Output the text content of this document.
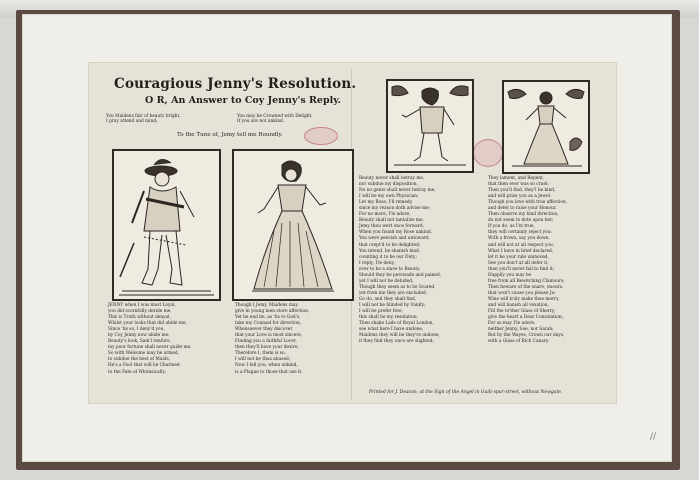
Couragious Jenny's Resolution.
O R, An Answer to Coy Jenny's Reply.
You Maidens fair of beauty bright,
I pray attend and mind;
You may be Crowned with Delight,
If you are not unkind.
To the Tune of, Jemy tell me Roundly.
JENNY when I was most Loyal,
you did scornfully deride me,
This is Truth without denyal,
Whilst your looks that did abide me,
Since 'tis so, I deny'd you,
by Coy Jenny now abide me:
Beauty's look, Sam'l renfure,
my poor fortune shall never guide me.
So with Welsome may be armed,
to subdue the best of Maids,
He's a Fool that will be Charmed
to the Fate of Whimsically;
Though I Jemy, Maidens may
give in young men store affection,
Yet he end be, as 'tis to God's,
take my Counsel for direction,
Whensoever they discover
that your Love is most sincere,
Finding you a faithful Lover,
then they'll have your desire;
Therefore I, them is so,
I will not be thus abused;
Now I tell you, when unkind,
is a Plague to those that use it.
Beauty never shall betray me,
nor subdue my disposition,
No no gents shall never betray me,
I will be my own Physician;
Let my Rose, I'll remedy,
since my reason doth advise me:
For no more, I'le adore,
Beauty shall not tantalize me.
Jemy thou wert once forward,
When you found my Rose unkind,
You were peevish and untoward,
that crept'd to be delighted;
You intend, be shanish lead,
counting it to be our Duty;
I reply, I'le deny,
ever to be a slave to Beauty.
Should they be perswade and pained,
yet I will not be deluded,
Though they seem as to be Scared,
yet from me they are excluded;
Go do, and they shall find,
I will not be blinded by Vanity;
I will be prefer free,
this shall be my resolution.
Then shake Lads of Royal London,
see what here I have undone,
Maidens they will be they're undone,
if they find they once are slighted;
They lament, and Repent,
that then ever was so cruel:
Then you'll find, they'l be kind,
and will prize you as a Jewel.
Though you love with true affection,
and defer to raise your Honour,
Then observe my kind direction,
do not seem to dote upon her;
If you do, as I'm true,
they will certainly reject you:
With a frown, say you down,
and will not at all respect you.
What I have in brief declared,
let it be your rule unmoved,
See you don't at all defer it,
then you'll never fail to find it;
Happily you may be
free from all Bewitching Clamours;
Then beware of the snare, (mours.
that won't cause you please Ju-
Wine will truly make thee merry,
and will banish all vexation,
Fill the to'ther Glass of Sherry,
give the heart a Dear Consolation;
For so may I'le adore,
neither Jenny, Sue, nor Sarah;
But by the Wayes, Crown our days,
with a Glass of Rich Canary.
Printed for J. Deacon, at the Sign of the Angel in Guilt-spur-street, without Newgate.
//
